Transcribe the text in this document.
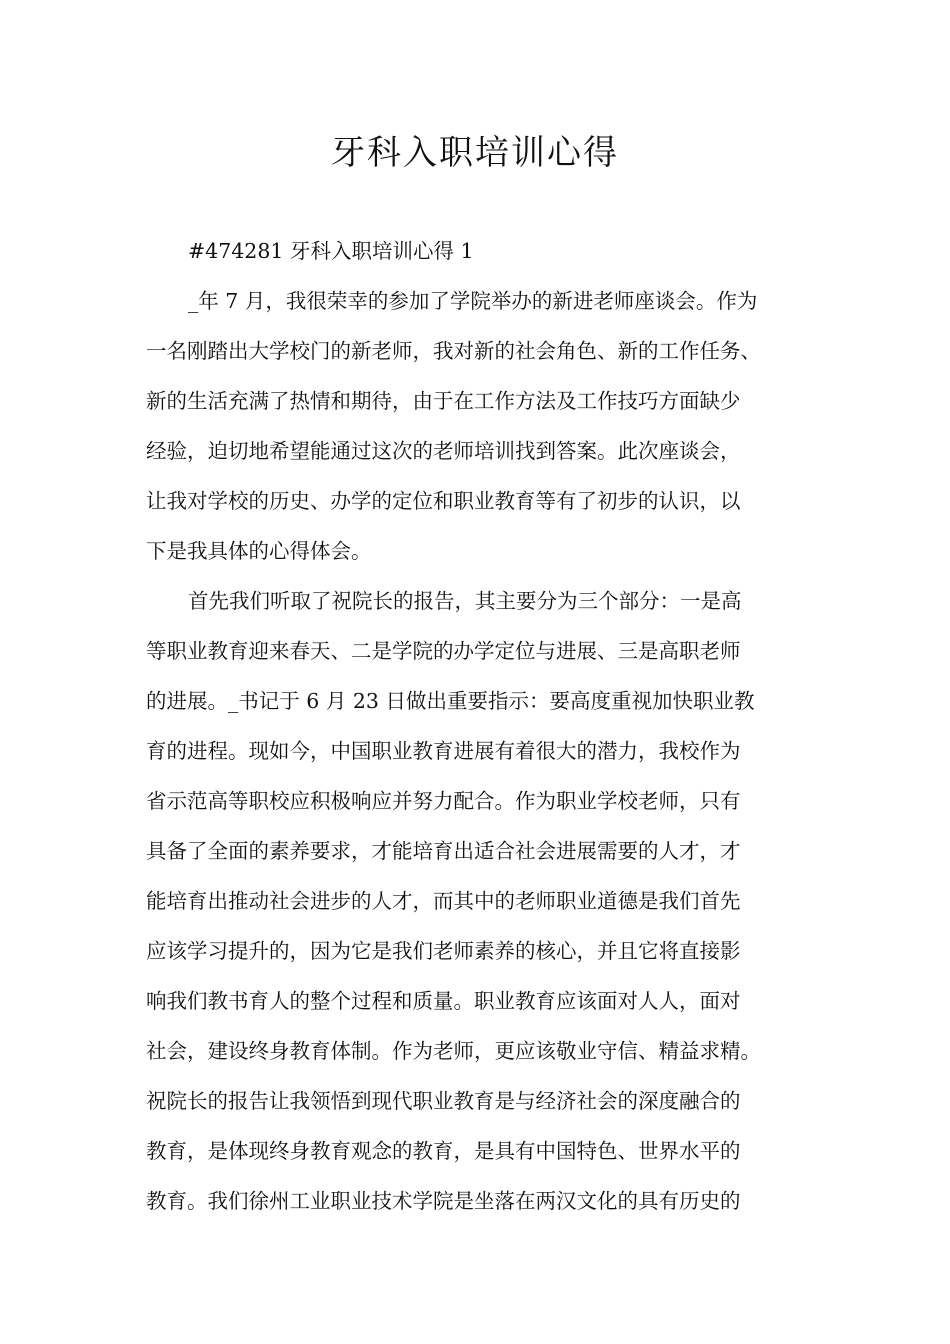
牙科入职培训心得
#474281 牙科入职培训心得 1
_年 7 月，我很荣幸的参加了学院举办的新进老师座谈会。作为
一名刚踏出大学校门的新老师，我对新的社会角色、新的工作任务、
新的生活充满了热情和期待，由于在工作方法及工作技巧方面缺少
经验，迫切地希望能通过这次的老师培训找到答案。此次座谈会，
让我对学校的历史、办学的定位和职业教育等有了初步的认识，以
下是我具体的心得体会。
首先我们听取了祝院长的报告，其主要分为三个部分：一是高
等职业教育迎来春天、二是学院的办学定位与进展、三是高职老师
的进展。_书记于 6 月 23 日做出重要指示：要高度重视加快职业教
育的进程。现如今，中国职业教育进展有着很大的潜力，我校作为
省示范高等职校应积极响应并努力配合。作为职业学校老师，只有
具备了全面的素养要求，才能培育出适合社会进展需要的人才，才
能培育出推动社会进步的人才，而其中的老师职业道德是我们首先
应该学习提升的，因为它是我们老师素养的核心，并且它将直接影
响我们教书育人的整个过程和质量。职业教育应该面对人人，面对
社会，建设终身教育体制。作为老师，更应该敬业守信、精益求精。
祝院长的报告让我领悟到现代职业教育是与经济社会的深度融合的
教育，是体现终身教育观念的教育，是具有中国特色、世界水平的
教育。我们徐州工业职业技术学院是坐落在两汉文化的具有历史的
